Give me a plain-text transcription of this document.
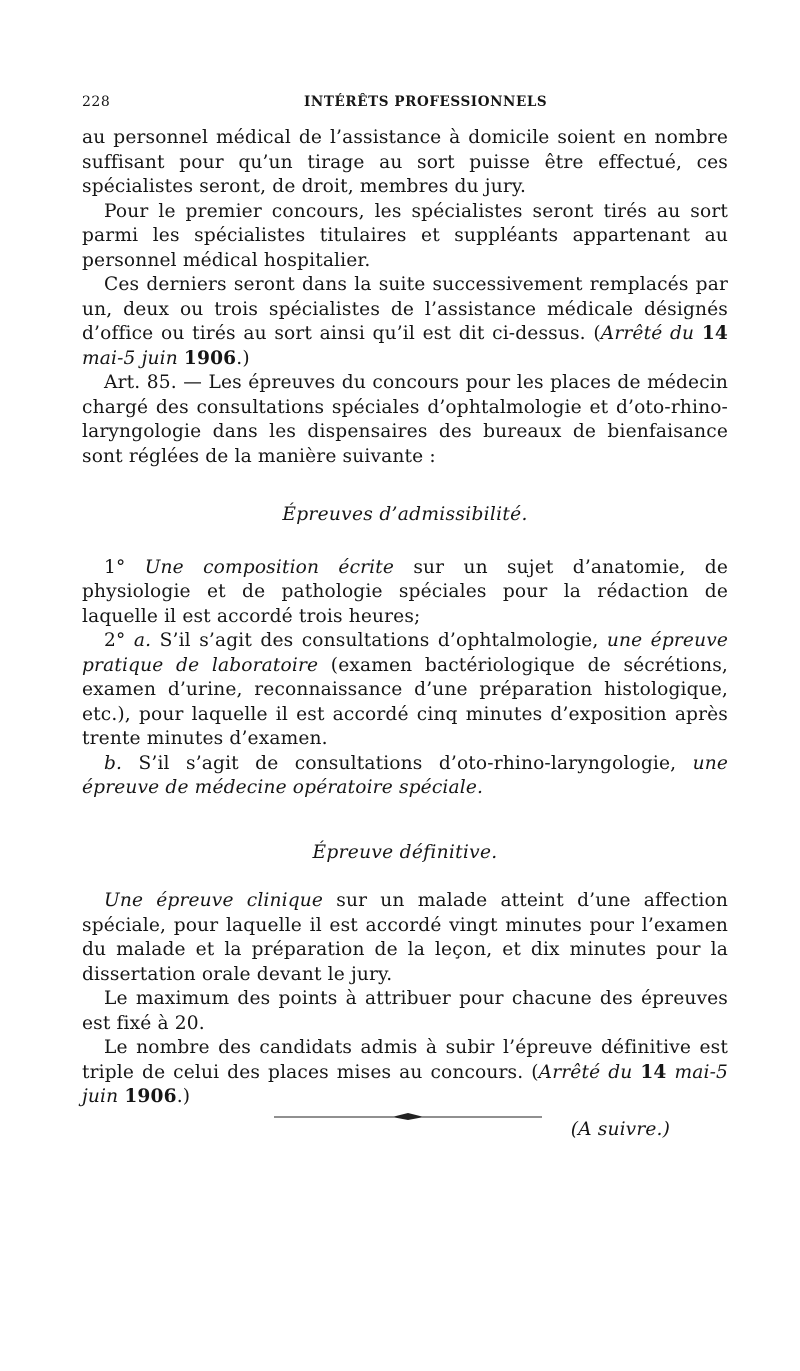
228	INTÉRÊTS PROFESSIONNELS

au personnel médical de l’assistance à domicile soient en nombre suffisant pour qu’un tirage au sort puisse être effectué, ces spécialistes seront, de droit, membres du jury.

Pour le premier concours, les spécialistes seront tirés au sort parmi les spécialistes titulaires et suppléants appartenant au personnel médical hospitalier.

Ces derniers seront dans la suite successivement remplacés par un, deux ou trois spécialistes de l’assistance médicale désignés d’office ou tirés au sort ainsi qu’il est dit ci-dessus. (Arrêté du 14 mai-5 juin 1906.)

Art. 85. — Les épreuves du concours pour les places de médecin chargé des consultations spéciales d’ophtalmologie et d’oto-rhino-laryngologie dans les dispensaires des bureaux de bienfaisance sont réglées de la manière suivante :

Épreuves d’admissibilité.

1° Une composition écrite sur un sujet d’anatomie, de physiologie et de pathologie spéciales pour la rédaction de laquelle il est accordé trois heures;

2° a. S’il s’agit des consultations d’ophtalmologie, une épreuve pratique de laboratoire (examen bactériologique de sécrétions, examen d’urine, reconnaissance d’une préparation histologique, etc.), pour laquelle il est accordé cinq minutes d’exposition après trente minutes d’examen.

b. S’il s’agit de consultations d’oto-rhino-laryngologie, une épreuve de médecine opératoire spéciale.

Épreuve définitive.

Une épreuve clinique sur un malade atteint d’une affection spéciale, pour laquelle il est accordé vingt minutes pour l’examen du malade et la préparation de la leçon, et dix minutes pour la dissertation orale devant le jury.

Le maximum des points à attribuer pour chacune des épreuves est fixé à 20.

Le nombre des candidats admis à subir l’épreuve définitive est triple de celui des places mises au concours. (Arrêté du 14 mai-5 juin 1906.)

(A suivre.)
